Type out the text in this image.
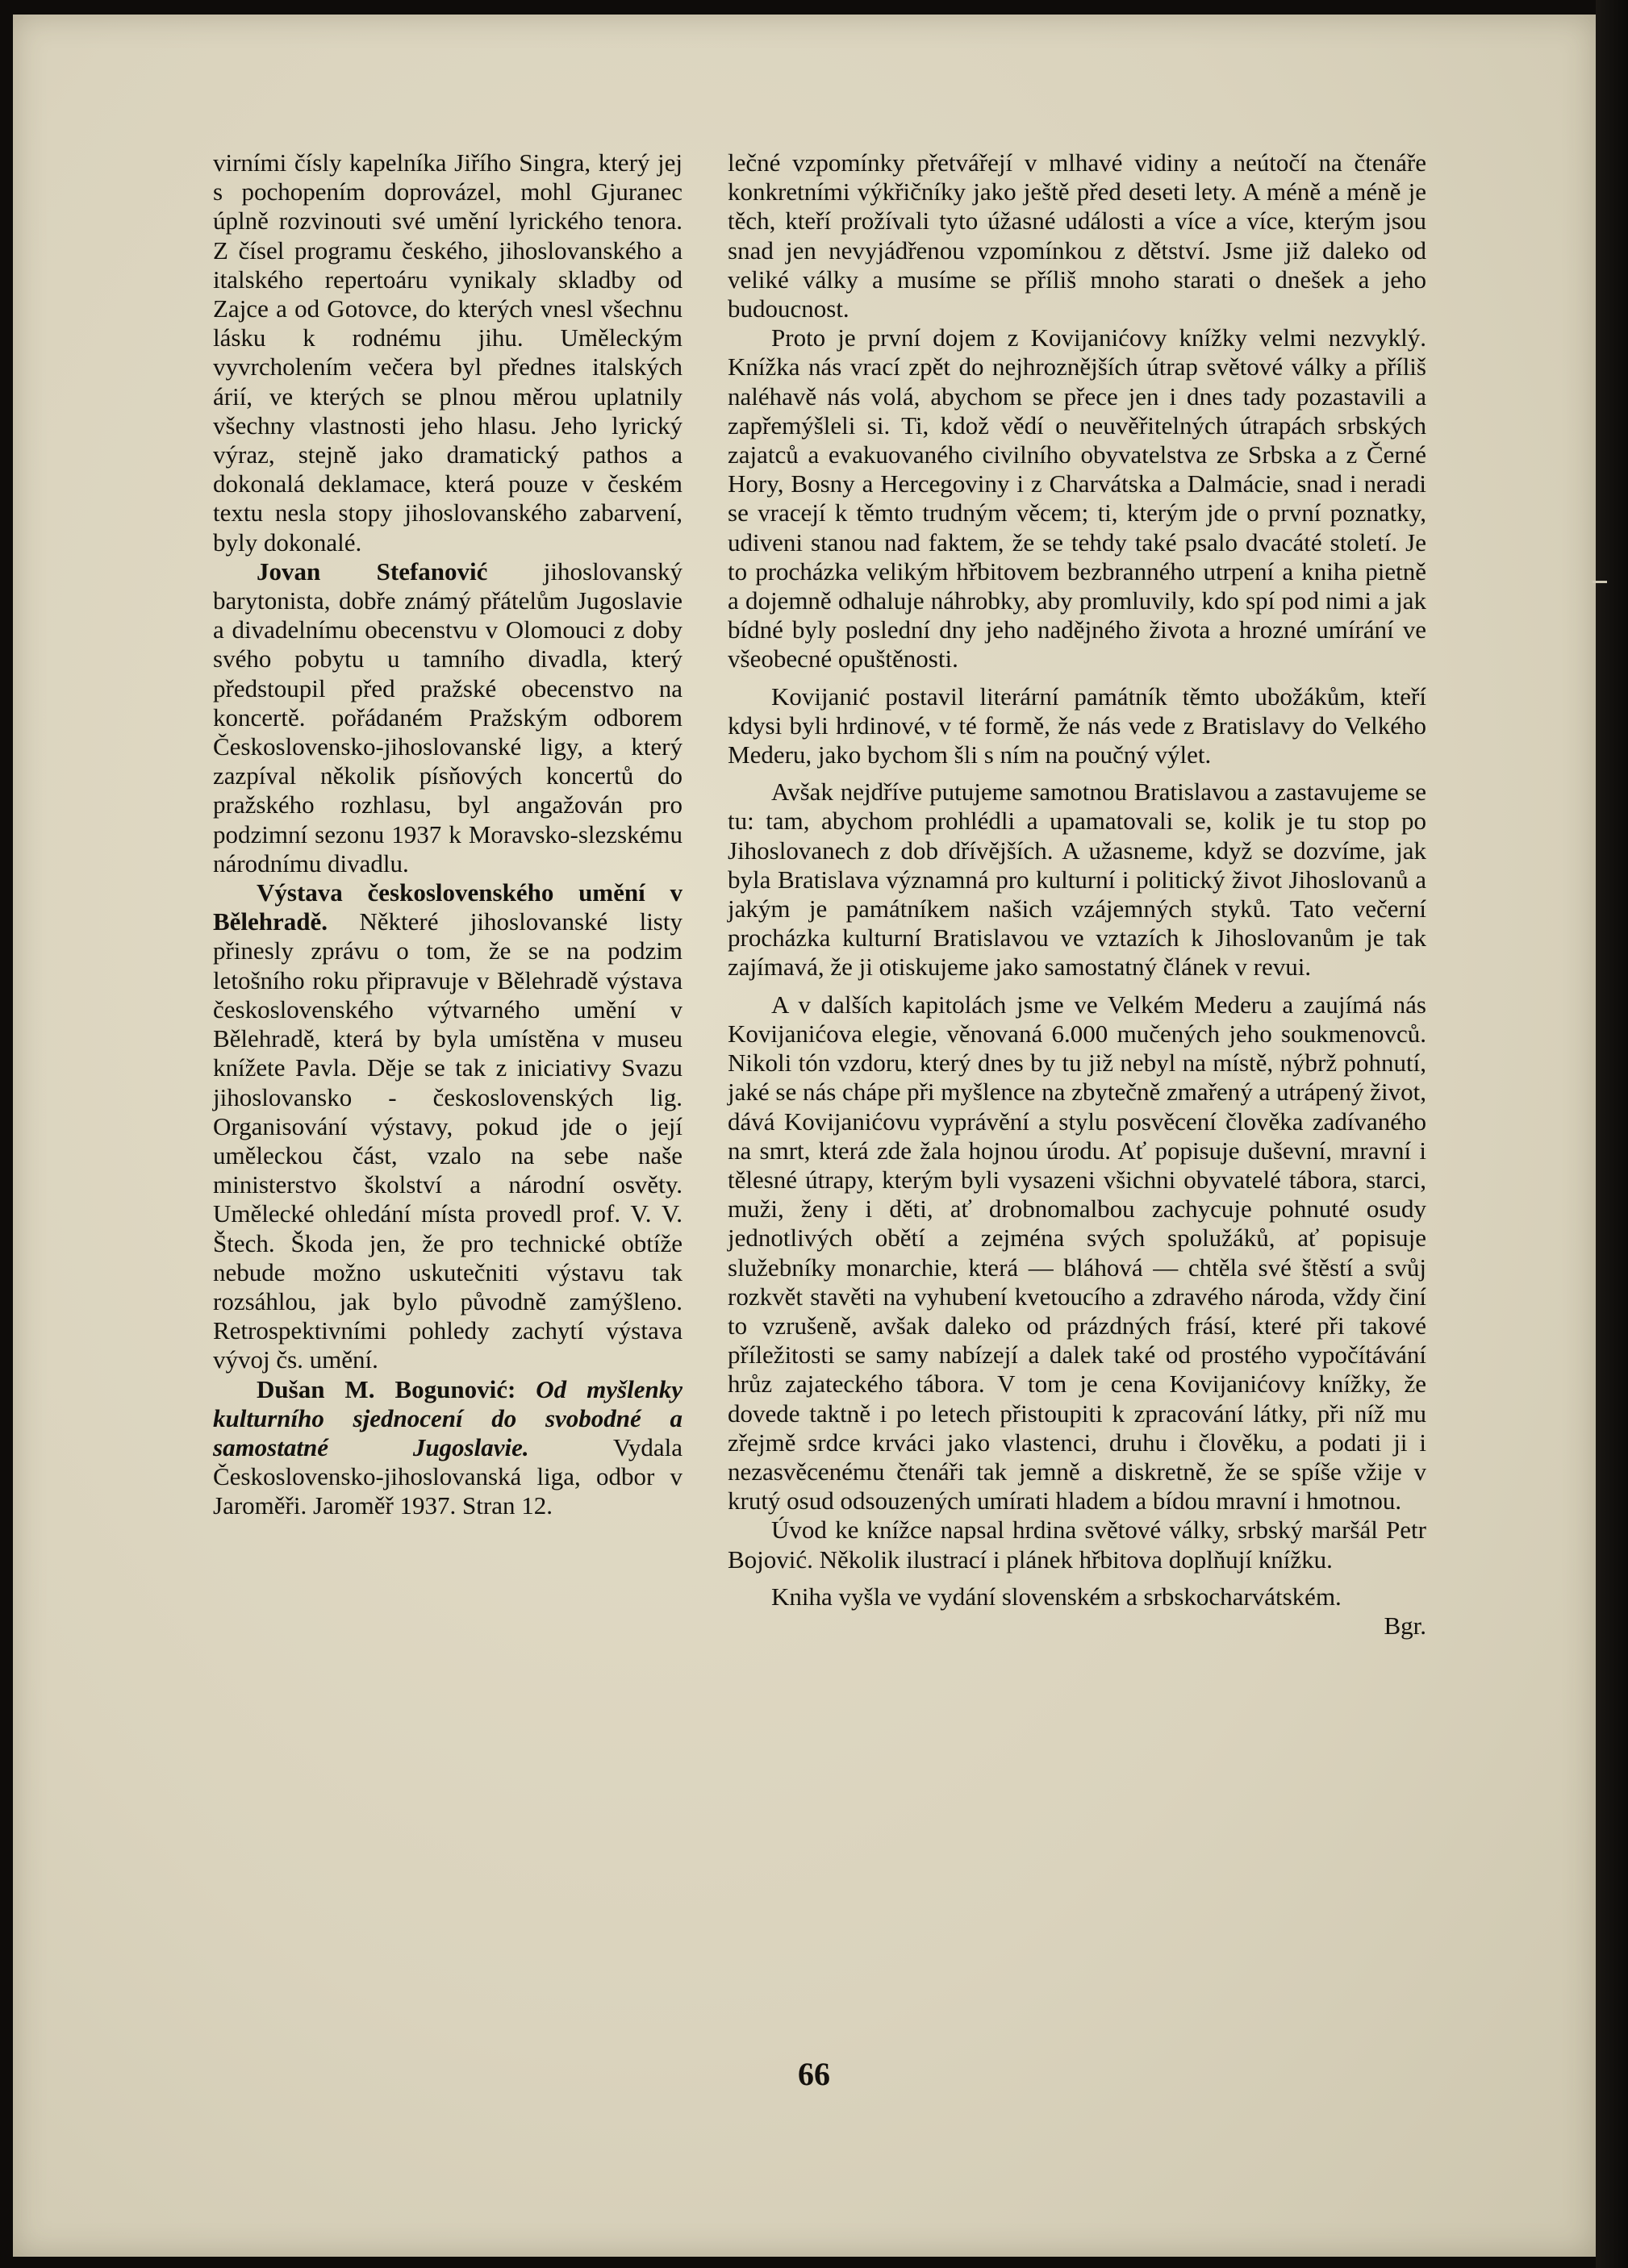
virními čísly kapelníka Jiřího Singra, který jej s pochopením doprovázel, mohl Gjuranec úplně rozvinouti své umění lyrického tenora. Z čísel programu českého, jihoslovanského a italského repertoáru vynikaly skladby od Zajce a od Gotovce, do kterých vnesl všechnu lásku k rodnému jihu. Uměleckým vyvrcholením večera byl přednes italských árií, ve kterých se plnou měrou uplatnily všechny vlastnosti jeho hlasu. Jeho lyrický výraz, stejně jako dramatický pathos a dokonalá deklamace, která pouze v českém textu nesla stopy jihoslovanského zabarvení, byly dokonalé.

Jovan Stefanović jihoslovanský barytonista, dobře známý přátelům Jugoslavie a divadelnímu obecenstvu v Olomouci z doby svého pobytu u tamního divadla, který předstoupil před pražské obecenstvo na koncertě. pořádaném Pražským odborem Československo-jihoslovanské ligy, a který zazpíval několik písňových koncertů do pražského rozhlasu, byl angažován pro podzimní sezonu 1937 k Moravsko-slezskému národnímu divadlu.

Výstava československého umění v Bělehradě. Některé jihoslovanské listy přinesly zprávu o tom, že se na podzim letošního roku připravuje v Bělehradě výstava československého výtvarného umění v Bělehradě, která by byla umístěna v museu knížete Pavla. Děje se tak z iniciativy Svazu jihoslovansko - československých lig. Organisování výstavy, pokud jde o její uměleckou část, vzalo na sebe naše ministerstvo školství a národní osvěty. Umělecké ohledání místa provedl prof. V. V. Štech. Škoda jen, že pro technické obtíže nebude možno uskutečniti výstavu tak rozsáhlou, jak bylo původně zamýšleno. Retrospektivními pohledy zachytí výstava vývoj čs. umění.

Dušan M. Bogunović: Od myšlenky kulturního sjednocení do svobodné a samostatné Jugoslavie. Vydala Československo-jihoslovanská liga, odbor v Jaroměři. Jaroměř 1937. Stran 12.

lečné vzpomínky přetvářejí v mlhavé vidiny a neútočí na čtenáře konkretními výkřičníky jako ještě před deseti lety. A méně a méně je těch, kteří prožívali tyto úžasné události a více a více, kterým jsou snad jen nevyjádřenou vzpomínkou z dětství. Jsme již daleko od veliké války a musíme se příliš mnoho starati o dnešek a jeho budoucnost.

Proto je první dojem z Kovijanićovy knížky velmi nezvyklý. Knížka nás vrací zpět do nejhroznějších útrap světové války a příliš naléhavě nás volá, abychom se přece jen i dnes tady pozastavili a zapřemýšleli si. Ti, kdož vědí o neuvěřitelných útrapách srbských zajatců a evakuovaného civilního obyvatelstva ze Srbska a z Černé Hory, Bosny a Hercegoviny i z Charvátska a Dalmácie, snad i neradi se vracejí k těmto trudným věcem; ti, kterým jde o první poznatky, udiveni stanou nad faktem, že se tehdy také psalo dvacáté století. Je to procházka velikým hřbitovem bezbranného utrpení a kniha pietně a dojemně odhaluje náhrobky, aby promluvily, kdo spí pod nimi a jak bídné byly poslední dny jeho nadějného života a hrozné umírání ve všeobecné opuštěnosti.

Kovijanić postavil literární památník těmto ubožákům, kteří kdysi byli hrdinové, v té formě, že nás vede z Bratislavy do Velkého Mederu, jako bychom šli s ním na poučný výlet.

Avšak nejdříve putujeme samotnou Bratislavou a zastavujeme se tu: tam, abychom prohlédli a upamatovali se, kolik je tu stop po Jihoslovanech z dob dřívějších. A užasneme, když se dozvíme, jak byla Bratislava významná pro kulturní i politický život Jihoslovanů a jakým je památníkem našich vzájemných styků. Tato večerní procházka kulturní Bratislavou ve vztazích k Jihoslovanům je tak zajímavá, že ji otiskujeme jako samostatný článek v revui.

A v dalších kapitolách jsme ve Velkém Mederu a zaujímá nás Kovijanićova elegie, věnovaná 6.000 mučených jeho soukmenovců. Nikoli tón vzdoru, který dnes by tu již nebyl na místě, nýbrž pohnutí, jaké se nás chápe při myšlence na zbytečně zmařený a utrápený život, dává Kovijanićovu vyprávění a stylu posvěcení člověka zadívaného na smrt, která zde žala hojnou úrodu. Ať popisuje duševní, mravní i tělesné útrapy, kterým byli vysazeni všichni obyvatelé tábora, starci, muži, ženy i děti, ať drobnomalbou zachycuje pohnuté osudy jednotlivých obětí a zejména svých spolužáků, ať popisuje služebníky monarchie, která — bláhová — chtěla své štěstí a svůj rozkvět stavěti na vyhubení kvetoucího a zdravého národa, vždy činí to vzrušeně, avšak daleko od prázdných frásí, které při takové příležitosti se samy nabízejí a dalek také od prostého vypočítávání hrůz zajateckého tábora. V tom je cena Kovijanićovy knížky, že dovede taktně i po letech přistoupiti k zpracování látky, při níž mu zřejmě srdce krváci jako vlastenci, druhu i člověku, a podati ji i nezasvěcenému čtenáři tak jemně a diskretně, že se spíše vžije v krutý osud odsouzených umírati hladem a bídou mravní i hmotnou.

Úvod ke knížce napsal hrdina světové války, srbský maršál Petr Bojović. Několik ilustrací i plánek hřbitova doplňují knížku.

Kniha vyšla ve vydání slovenském a srbskocharvátském.
Bgr.

66
